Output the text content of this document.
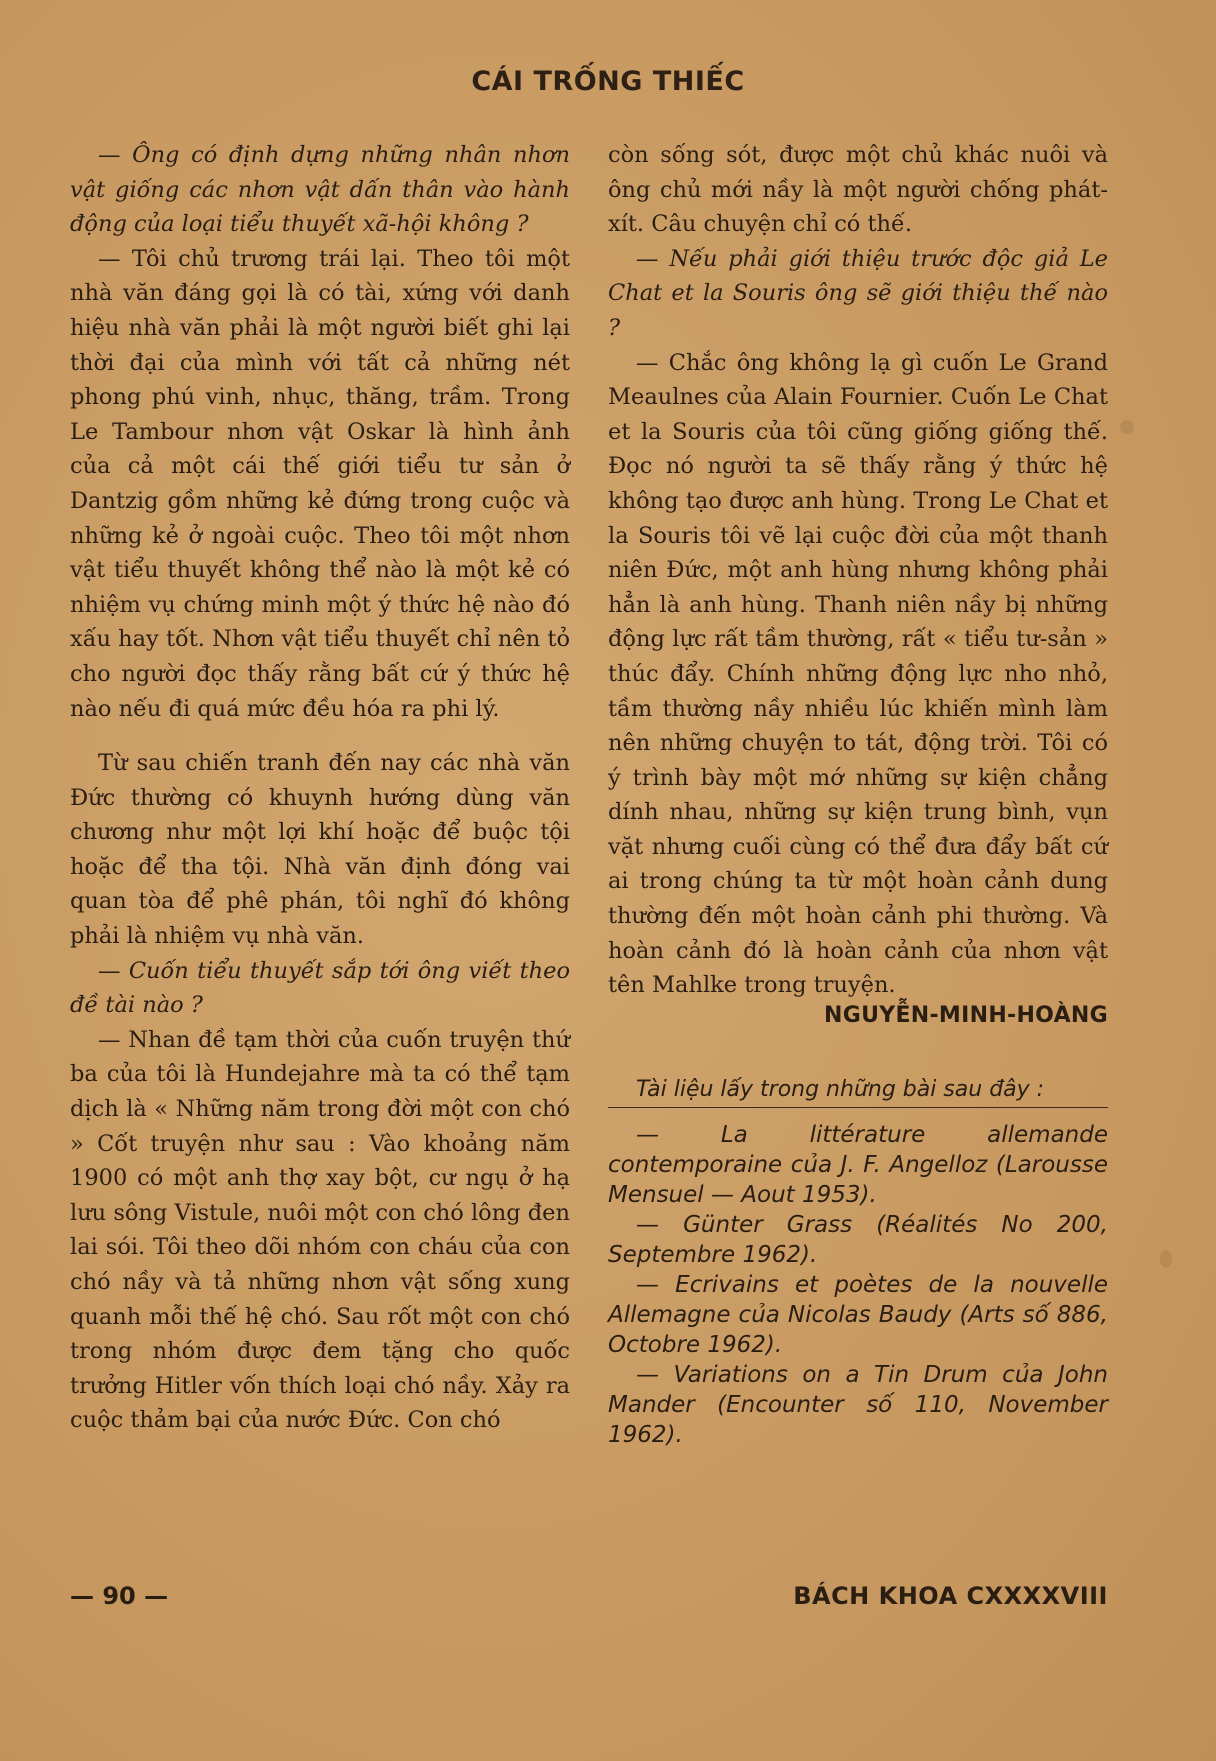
CÁI TRỐNG THIẾC

— Ông có định dựng những nhân nhơn vật giống các nhơn vật dấn thân vào hành động của loại tiểu thuyết xã-hội không ?

— Tôi chủ trương trái lại. Theo tôi một nhà văn đáng gọi là có tài, xứng với danh hiệu nhà văn phải là một người biết ghi lại thời đại của mình với tất cả những nét phong phú vinh, nhục, thăng, trầm. Trong Le Tambour nhơn vật Oskar là hình ảnh của cả một cái thế giới tiểu tư sản ở Dantzig gồm những kẻ đứng trong cuộc và những kẻ ở ngoài cuộc. Theo tôi một nhơn vật tiểu thuyết không thể nào là một kẻ có nhiệm vụ chứng minh một ý thức hệ nào đó xấu hay tốt. Nhơn vật tiểu thuyết chỉ nên tỏ cho người đọc thấy rằng bất cứ ý thức hệ nào nếu đi quá mức đều hóa ra phi lý.

Từ sau chiến tranh đến nay các nhà văn Đức thường có khuynh hướng dùng văn chương như một lợi khí hoặc để buộc tội hoặc để tha tội. Nhà văn định đóng vai quan tòa để phê phán, tôi nghĩ đó không phải là nhiệm vụ nhà văn.

— Cuốn tiểu thuyết sắp tới ông viết theo đề tài nào ?

— Nhan đề tạm thời của cuốn truyện thứ ba của tôi là Hundejahre mà ta có thể tạm dịch là « Những năm trong đời một con chó » Cốt truyện như sau : Vào khoảng năm 1900 có một anh thợ xay bột, cư ngụ ở hạ lưu sông Vistule, nuôi một con chó lông đen lai sói. Tôi theo dõi nhóm con cháu của con chó nầy và tả những nhơn vật sống xung quanh mỗi thế hệ chó. Sau rốt một con chó trong nhóm được đem tặng cho quốc trưởng Hitler vốn thích loại chó nầy. Xảy ra cuộc thảm bại của nước Đức. Con chó

còn sống sót, được một chủ khác nuôi và ông chủ mới nầy là một người chống phát-xít. Câu chuyện chỉ có thế.

— Nếu phải giới thiệu trước độc giả Le Chat et la Souris ông sẽ giới thiệu thế nào ?

— Chắc ông không lạ gì cuốn Le Grand Meaulnes của Alain Fournier. Cuốn Le Chat et la Souris của tôi cũng giống giống thế. Đọc nó người ta sẽ thấy rằng ý thức hệ không tạo được anh hùng. Trong Le Chat et la Souris tôi vẽ lại cuộc đời của một thanh niên Đức, một anh hùng nhưng không phải hẳn là anh hùng. Thanh niên nầy bị những động lực rất tầm thường, rất « tiểu tư-sản » thúc đẩy. Chính những động lực nho nhỏ, tầm thường nầy nhiều lúc khiến mình làm nên những chuyện to tát, động trời. Tôi có ý trình bày một mớ những sự kiện chẳng dính nhau, những sự kiện trung bình, vụn vặt nhưng cuối cùng có thể đưa đẩy bất cứ ai trong chúng ta từ một hoàn cảnh dung thường đến một hoàn cảnh phi thường. Và hoàn cảnh đó là hoàn cảnh của nhơn vật tên Mahlke trong truyện.

NGUYỄN-MINH-HOÀNG
Tài liệu lấy trong những bài sau đây :

— La littérature allemande contemporaine của J. F. Angelloz (Larousse Mensuel — Aout 1953).

— Günter Grass (Réalités No 200, Septembre 1962).

— Ecrivains et poètes de la nouvelle Allemagne của Nicolas Baudy (Arts số 886, Octobre 1962).

— Variations on a Tin Drum của John Mander (Encounter số 110, November 1962).

— 90 —	BÁCH KHOA CXXXXVIII
